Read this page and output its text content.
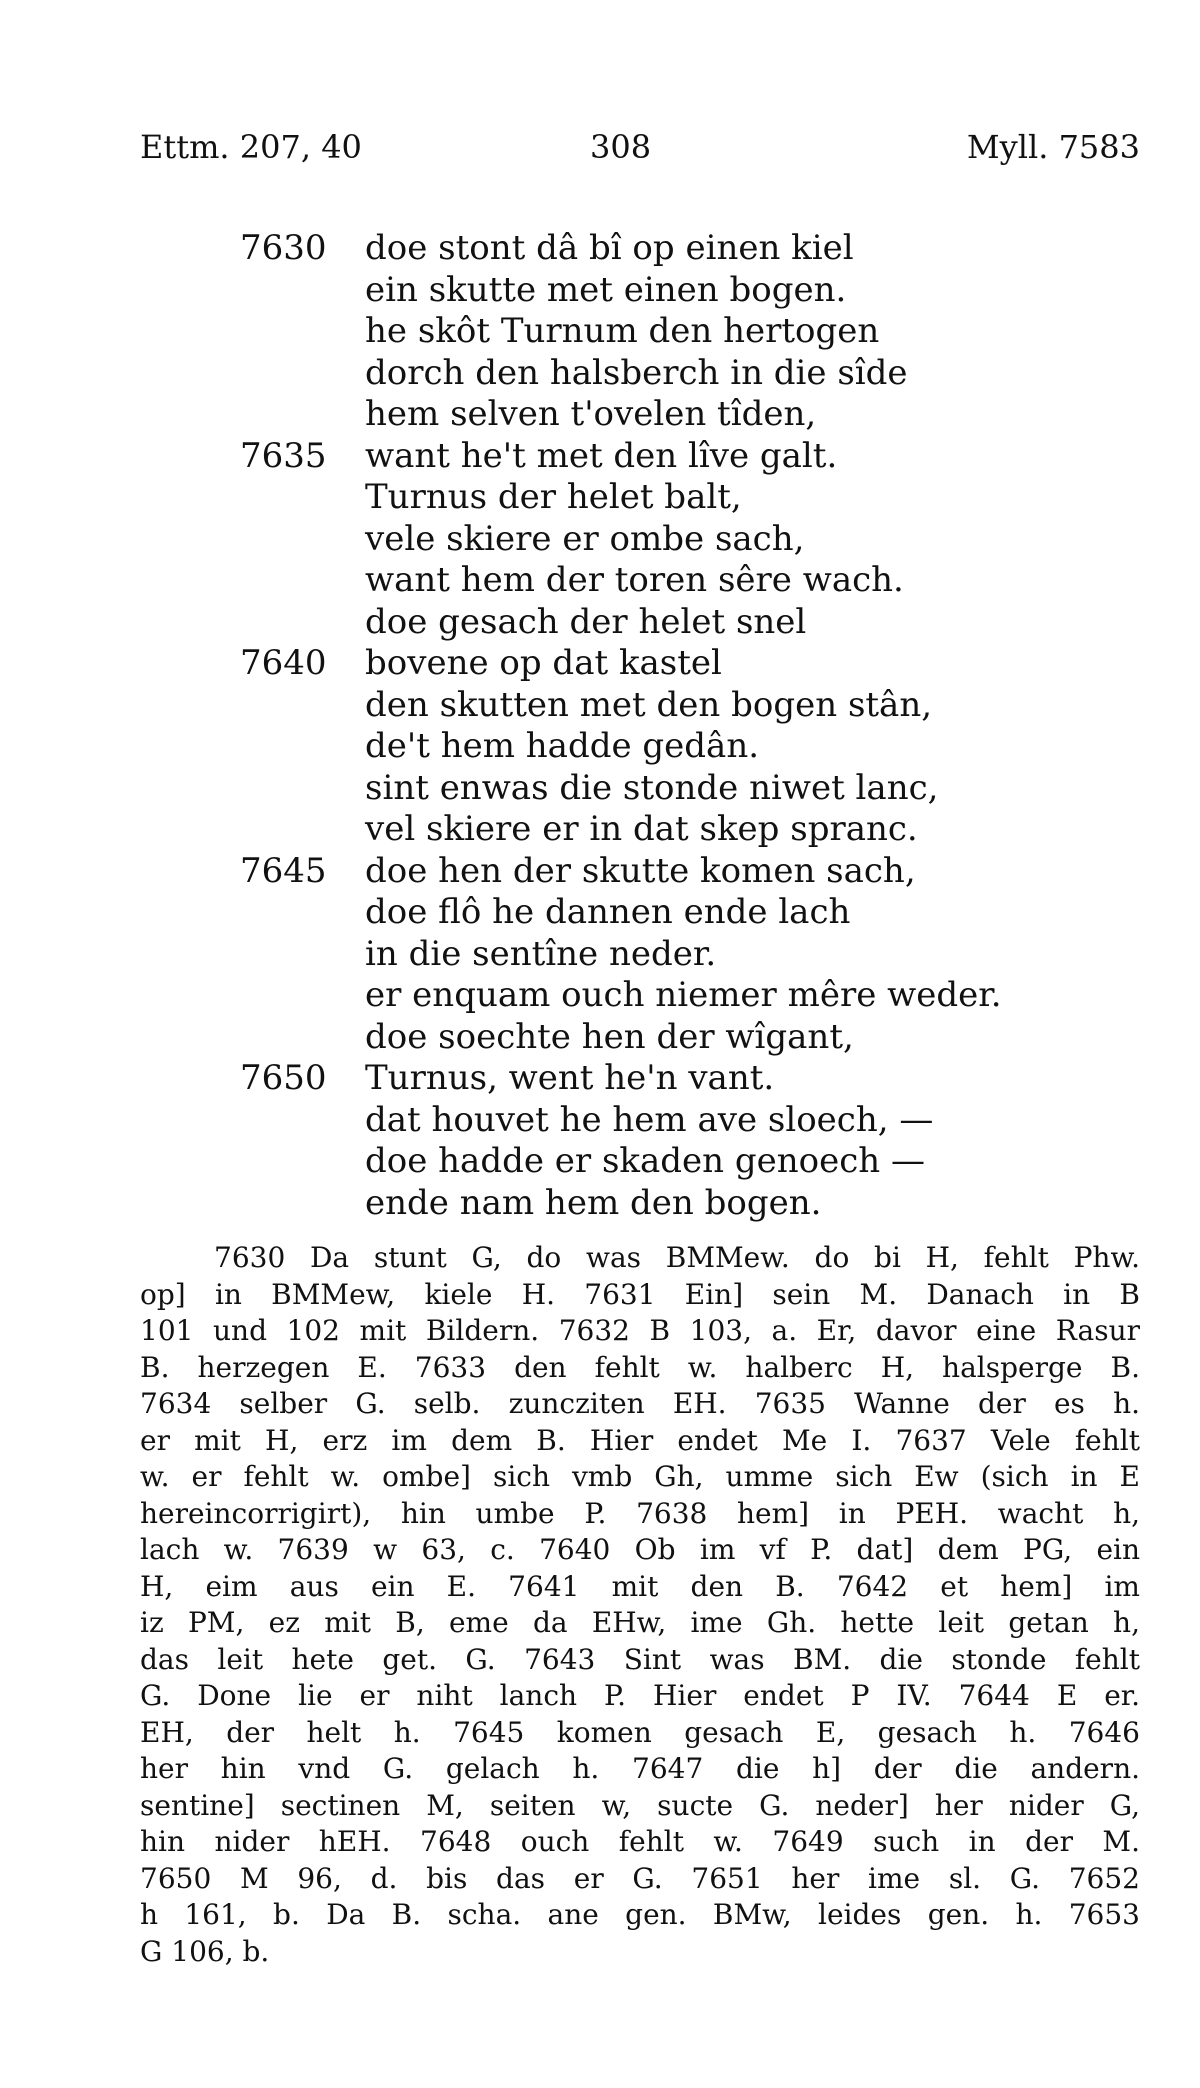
Ettm. 207, 40	308	Myll. 7583
7630	doe stont dâ bî op einen kiel
ein skutte met einen bogen.
he skôt Turnum den hertogen
dorch den halsberch in die sîde
hem selven t'ovelen tîden,
7635	want he't met den lîve galt.
Turnus der helet balt,
vele skiere er ombe sach,
want hem der toren sêre wach.
doe gesach der helet snel
7640	bovene op dat kastel
den skutten met den bogen stân,
de't hem hadde gedân.
sint enwas die stonde niwet lanc,
vel skiere er in dat skep spranc.
7645	doe hen der skutte komen sach,
doe flô he dannen ende lach
in die sentîne neder.
er enquam ouch niemer mêre weder.
doe soechte hen der wîgant,
7650	Turnus, went he'n vant.
dat houvet he hem ave sloech, —
doe hadde er skaden genoech —
ende nam hem den bogen.
7630 Da stunt G, do was BMMew. do bi H, fehlt Phw.
op] in BMMew, kiele H. 7631 Ein] sein M. Danach in B
101 und 102 mit Bildern. 7632 B 103, a. Er, davor eine Rasur
B. herzegen E. 7633 den fehlt w. halberc H, halsperge B.
7634 selber G. selb. zuncziten EH. 7635 Wanne der es h.
er mit H, erz im dem B. Hier endet Me I. 7637 Vele fehlt
w. er fehlt w. ombe] sich vmb Gh, umme sich Ew (sich in E
hereincorrigirt), hin umbe P. 7638 hem] in PEH. wacht h,
lach w. 7639 w 63, c. 7640 Ob im vf P. dat] dem PG, ein
H, eim aus ein E. 7641 mit den B. 7642 et hem] im
iz PM, ez mit B, eme da EHw, ime Gh. hette leit getan h,
das leit hete get. G. 7643 Sint was BM. die stonde fehlt
G. Done lie er niht lanch P. Hier endet P IV. 7644 E er.
EH, der helt h. 7645 komen gesach E, gesach h. 7646
her hin vnd G. gelach h. 7647 die h] der die andern.
sentine] sectinen M, seiten w, sucte G. neder] her nider G,
hin nider hEH. 7648 ouch fehlt w. 7649 such in der M.
7650 M 96, d. bis das er G. 7651 her ime sl. G. 7652
h 161, b. Da B. scha. ane gen. BMw, leides gen. h. 7653
G 106, b.
